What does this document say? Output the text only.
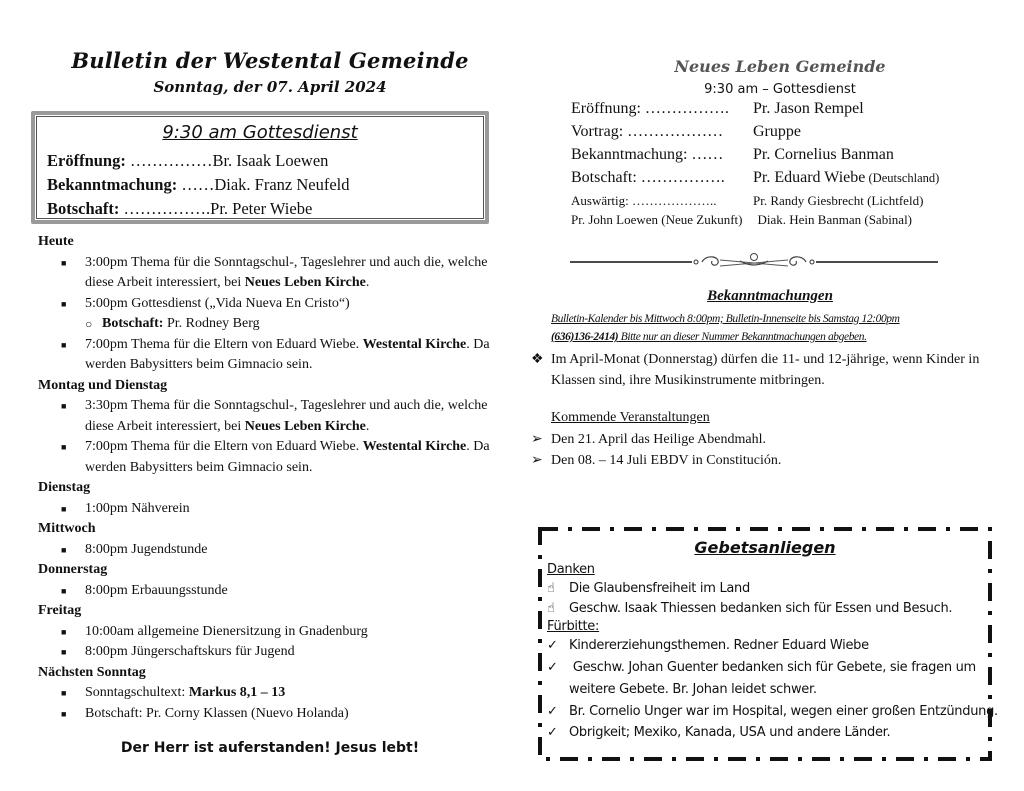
Bulletin der Westental Gemeinde
Sonntag, der 07. April 2024
9:30 am Gottesdienst
Eröffnung: ……………Br. Isaak Loewen
Bekanntmachung: ……Diak. Franz Neufeld
Botschaft: …………….Pr. Peter Wiebe
Heute
■ 3:00pm Thema für die Sonntagschul-, Tageslehrer und auch die, welche diese Arbeit interessiert, bei Neues Leben Kirche.
■ 5:00pm Gottesdienst („Vida Nueva En Cristo“)
○ Botschaft: Pr. Rodney Berg
■ 7:00pm Thema für die Eltern von Eduard Wiebe. Westental Kirche. Da werden Babysitters beim Gimnacio sein.
Montag und Dienstag
■ 3:30pm Thema für die Sonntagschul-, Tageslehrer und auch die, welche diese Arbeit interessiert, bei Neues Leben Kirche.
■ 7:00pm Thema für die Eltern von Eduard Wiebe. Westental Kirche. Da werden Babysitters beim Gimnacio sein.
Dienstag
■ 1:00pm Nähverein
Mittwoch
■ 8:00pm Jugendstunde
Donnerstag
■ 8:00pm Erbauungsstunde
Freitag
■ 10:00am allgemeine Dienersitzung in Gnadenburg
■ 8:00pm Jüngerschaftskurs für Jugend
Nächsten Sonntag
■ Sonntagschultext: Markus 8,1 – 13
■ Botschaft: Pr. Corny Klassen (Nuevo Holanda)
Der Herr ist auferstanden! Jesus lebt!
Neues Leben Gemeinde
9:30 am – Gottesdienst
Eröffnung: ……………. Pr. Jason Rempel
Vortrag: ……………… Gruppe
Bekanntmachung: …… Pr. Cornelius Banman
Botschaft: ……………. Pr. Eduard Wiebe (Deutschland)
Auswärtig: ………………..	Pr. Randy Giesbrecht (Lichtfeld)
Pr. John Loewen (Neue Zukunft) Diak. Hein Banman (Sabinal)
Bekanntmachungen
Bulletin-Kalender bis Mittwoch 8:00pm; Bulletin-Innenseite bis Samstag 12:00pm
(636)136-2414) Bitte nur an dieser Nummer Bekanntmachungen abgeben.
❖ Im April-Monat (Donnerstag) dürfen die 11- und 12-jährige, wenn Kinder in Klassen sind, ihre Musikinstrumente mitbringen.
Kommende Veranstaltungen
➢ Den 21. April das Heilige Abendmahl.
➢ Den 08. – 14 Juli EBDV in Constitución.
Gebetsanliegen
Danken
☝ Die Glaubensfreiheit im Land
☝ Geschw. Isaak Thiessen bedanken sich für Essen und Besuch.
Fürbitte:
✓ Kindererziehungsthemen. Redner Eduard Wiebe
✓ Geschw. Johan Guenter bedanken sich für Gebete, sie fragen um
weitere Gebete. Br. Johan leidet schwer.
✓ Br. Cornelio Unger war im Hospital, wegen einer großen Entzündung.
✓ Obrigkeit; Mexiko, Kanada, USA und andere Länder.
